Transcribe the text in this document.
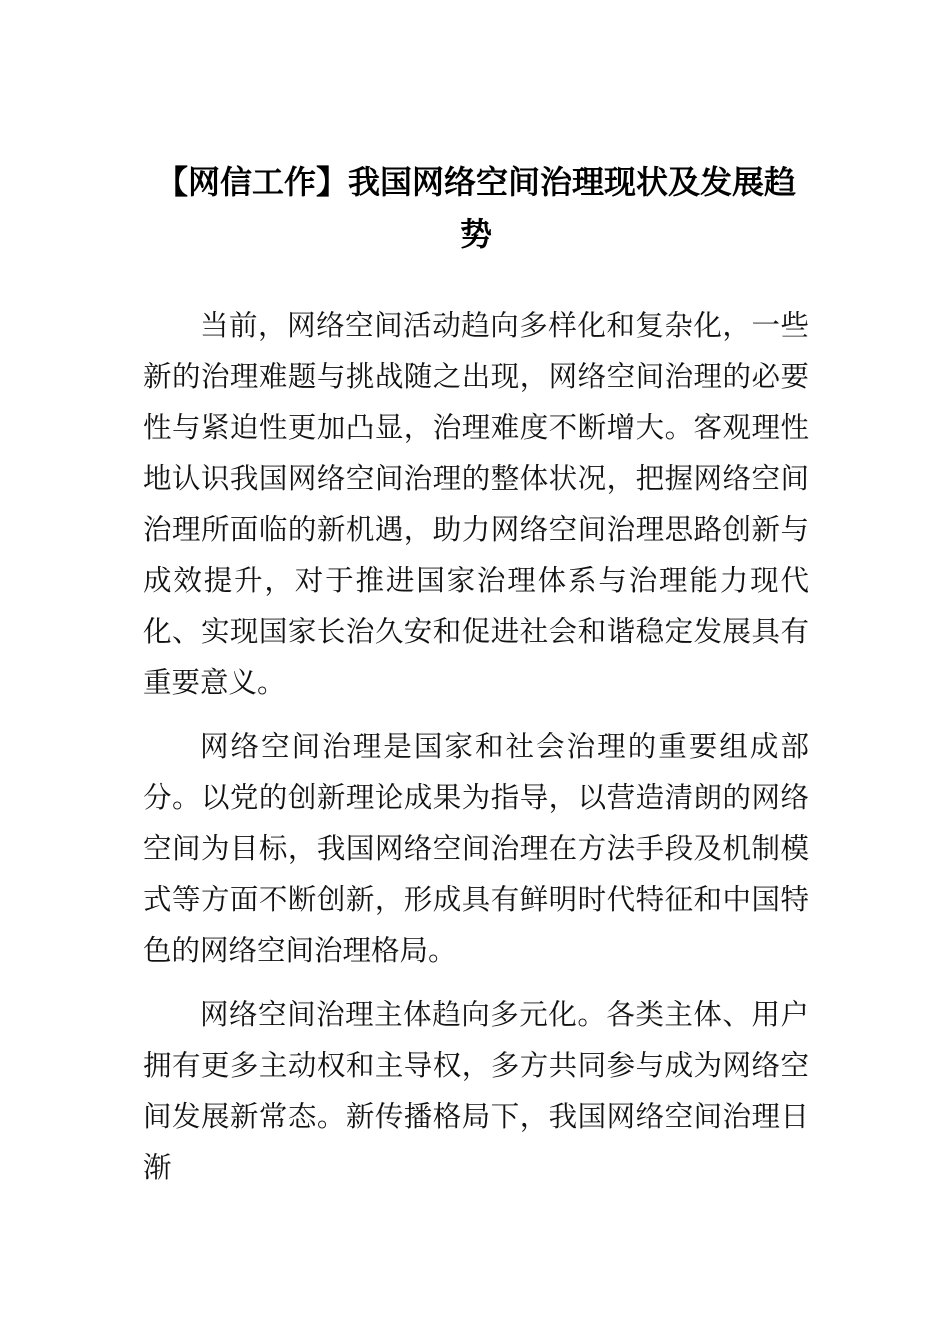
【网信工作】我国网络空间治理现状及发展趋势

当前，网络空间活动趋向多样化和复杂化，一些新的治理难题与挑战随之出现，网络空间治理的必要性与紧迫性更加凸显，治理难度不断增大。客观理性地认识我国网络空间治理的整体状况，把握网络空间治理所面临的新机遇，助力网络空间治理思路创新与成效提升，对于推进国家治理体系与治理能力现代化、实现国家长治久安和促进社会和谐稳定发展具有重要意义。

网络空间治理是国家和社会治理的重要组成部分。以党的创新理论成果为指导，以营造清朗的网络空间为目标，我国网络空间治理在方法手段及机制模式等方面不断创新，形成具有鲜明时代特征和中国特色的网络空间治理格局。

网络空间治理主体趋向多元化。各类主体、用户拥有更多主动权和主导权，多方共同参与成为网络空间发展新常态。新传播格局下，我国网络空间治理日渐
